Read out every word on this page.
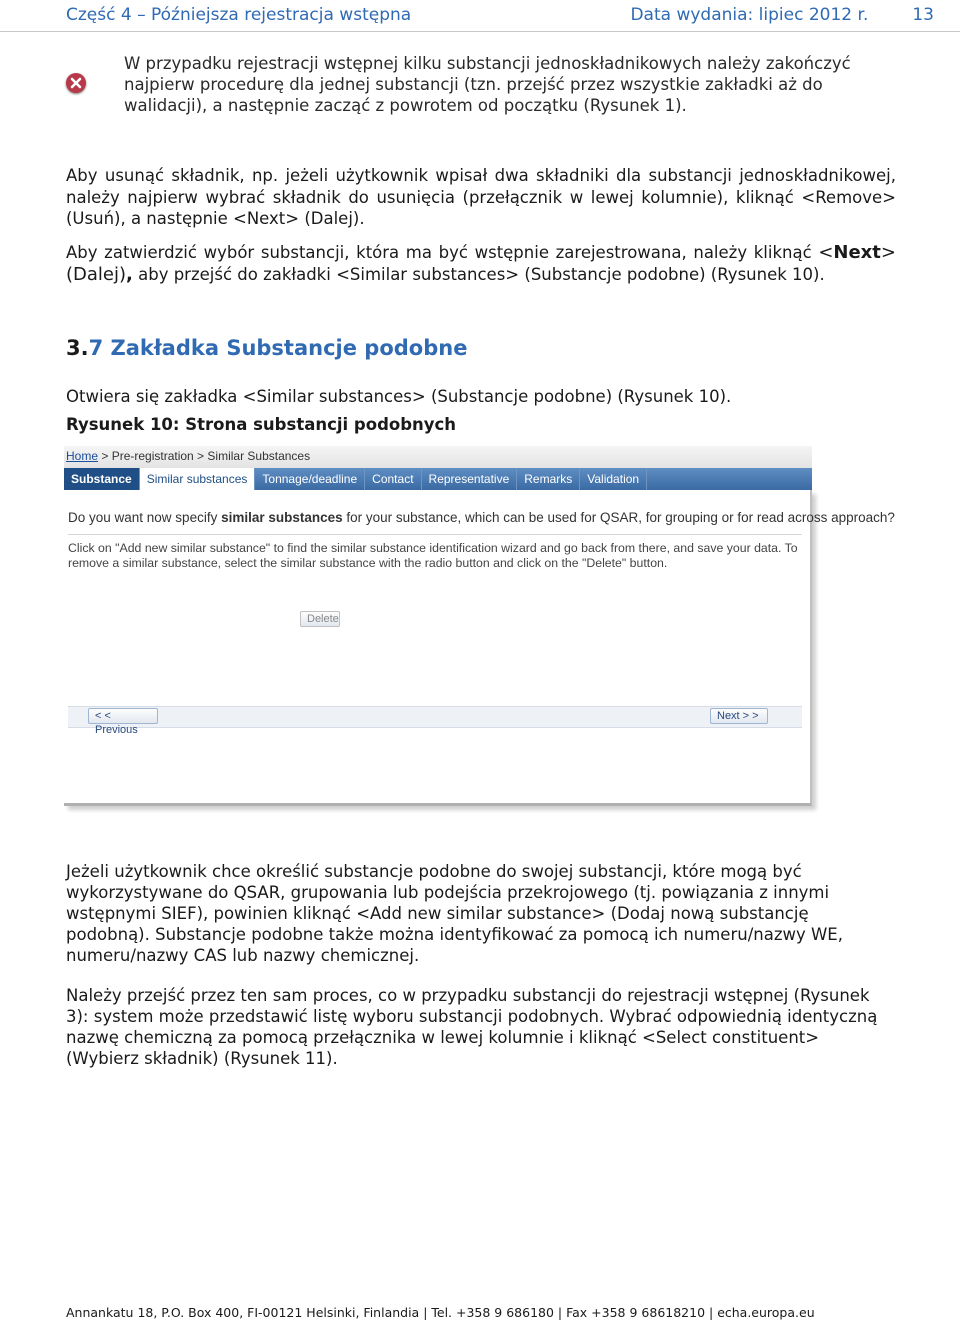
Część 4 – Późniejsza rejestracja wstępna	Data wydania: lipiec 2012 r.	13
W przypadku rejestracji wstępnej kilku substancji jednoskładnikowych należy zakończyć najpierw procedurę dla jednej substancji (tzn. przejść przez wszystkie zakładki aż do walidacji), a następnie zacząć z powrotem od początku (Rysunek 1).
Aby usunąć składnik, np. jeżeli użytkownik wpisał dwa składniki dla substancji jednoskładnikowej, należy najpierw wybrać składnik do usunięcia (przełącznik w lewej kolumnie), kliknąć <Remove> (Usuń), a następnie <Next> (Dalej).
Aby zatwierdzić wybór substancji, która ma być wstępnie zarejestrowana, należy kliknąć <Next> (Dalej), aby przejść do zakładki <Similar substances> (Substancje podobne) (Rysunek 10).
3.7 Zakładka Substancje podobne
Otwiera się zakładka <Similar substances> (Substancje podobne) (Rysunek 10).
Rysunek 10: Strona substancji podobnych
Home > Pre-registration > Similar Substances
Substance	Similar substances	Tonnage/deadline	Contact	Representative	Remarks	Validation
Do you want now specify similar substances for your substance, which can be used for QSAR, for grouping or for read across approach?
Click on "Add new similar substance" to find the similar substance identification wizard and go back from there, and save your data. To remove a similar substance, select the similar substance with the radio button and click on the "Delete" button.
Delete
< < Previous
Next > >
Jeżeli użytkownik chce określić substancje podobne do swojej substancji, które mogą być wykorzystywane do QSAR, grupowania lub podejścia przekrojowego (tj. powiązania z innymi wstępnymi SIEF), powinien kliknąć <Add new similar substance> (Dodaj nową substancję podobną). Substancje podobne także można identyfikować za pomocą ich numeru/nazwy WE, numeru/nazwy CAS lub nazwy chemicznej.
Należy przejść przez ten sam proces, co w przypadku substancji do rejestracji wstępnej (Rysunek 3): system może przedstawić listę wyboru substancji podobnych. Wybrać odpowiednią identyczną nazwę chemiczną za pomocą przełącznika w lewej kolumnie i kliknąć <Select constituent> (Wybierz składnik) (Rysunek 11).
Annankatu 18, P.O. Box 400, FI-00121 Helsinki, Finlandia | Tel. +358 9 686180 | Fax +358 9 68618210 | echa.europa.eu
